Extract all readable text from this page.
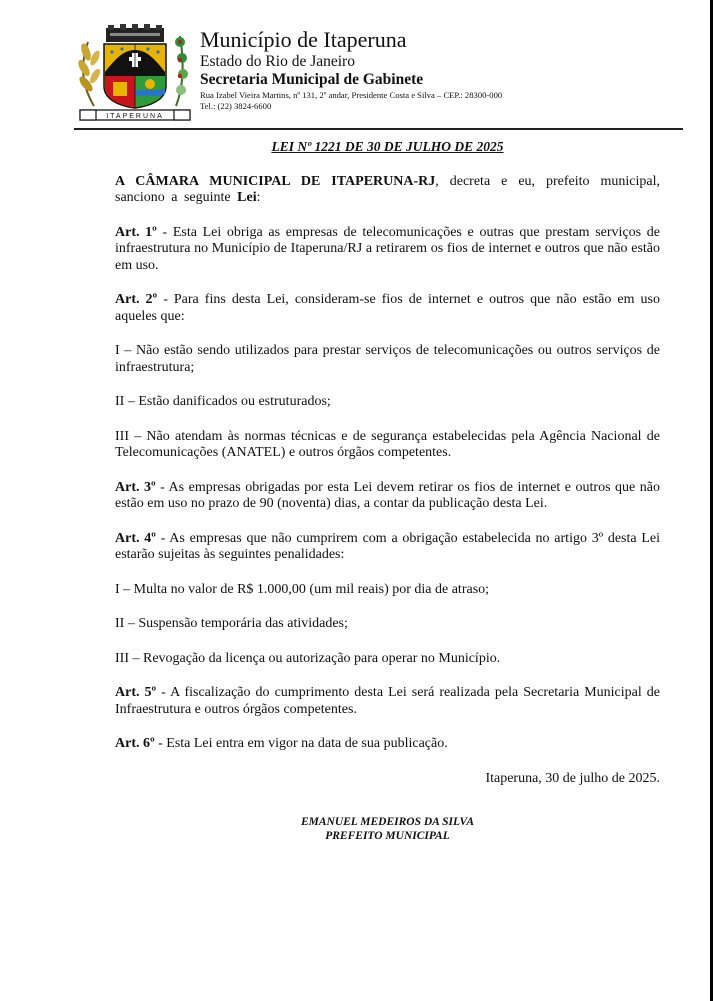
ITAPERUNA
Município de Itaperuna
Estado do Rio de Janeiro
Secretaria Municipal de Gabinete
Rua Izabel Vieira Martins, nº 131, 2º andar, Presidente Costa e Silva – CEP.: 28300-000
Tel.: (22) 3824-6600
LEI Nº 1221 DE 30 DE JULHO DE 2025

A CÂMARA MUNICIPAL DE ITAPERUNA-RJ, decreta e eu, prefeito municipal, sanciono a seguinte Lei:

Art. 1º - Esta Lei obriga as empresas de telecomunicações e outras que prestam serviços de infraestrutura no Município de Itaperuna/RJ a retirarem os fios de internet e outros que não estão em uso.

Art. 2º - Para fins desta Lei, consideram-se fios de internet e outros que não estão em uso aqueles que:

I – Não estão sendo utilizados para prestar serviços de telecomunicações ou outros serviços de infraestrutura;

II – Estão danificados ou estruturados;

III – Não atendam às normas técnicas e de segurança estabelecidas pela Agência Nacional de Telecomunicações (ANATEL) e outros órgãos competentes.

Art. 3º - As empresas obrigadas por esta Lei devem retirar os fios de internet e outros que não estão em uso no prazo de 90 (noventa) dias, a contar da publicação desta Lei.

Art. 4º - As empresas que não cumprirem com a obrigação estabelecida no artigo 3º desta Lei estarão sujeitas às seguintes penalidades:

I – Multa no valor de R$ 1.000,00 (um mil reais) por dia de atraso;

II – Suspensão temporária das atividades;

III – Revogação da licença ou autorização para operar no Município.

Art. 5º - A fiscalização do cumprimento desta Lei será realizada pela Secretaria Municipal de Infraestrutura e outros órgãos competentes.

Art. 6º - Esta Lei entra em vigor na data de sua publicação.

Itaperuna, 30 de julho de 2025.
EMANUEL MEDEIROS DA SILVA
PREFEITO MUNICIPAL
